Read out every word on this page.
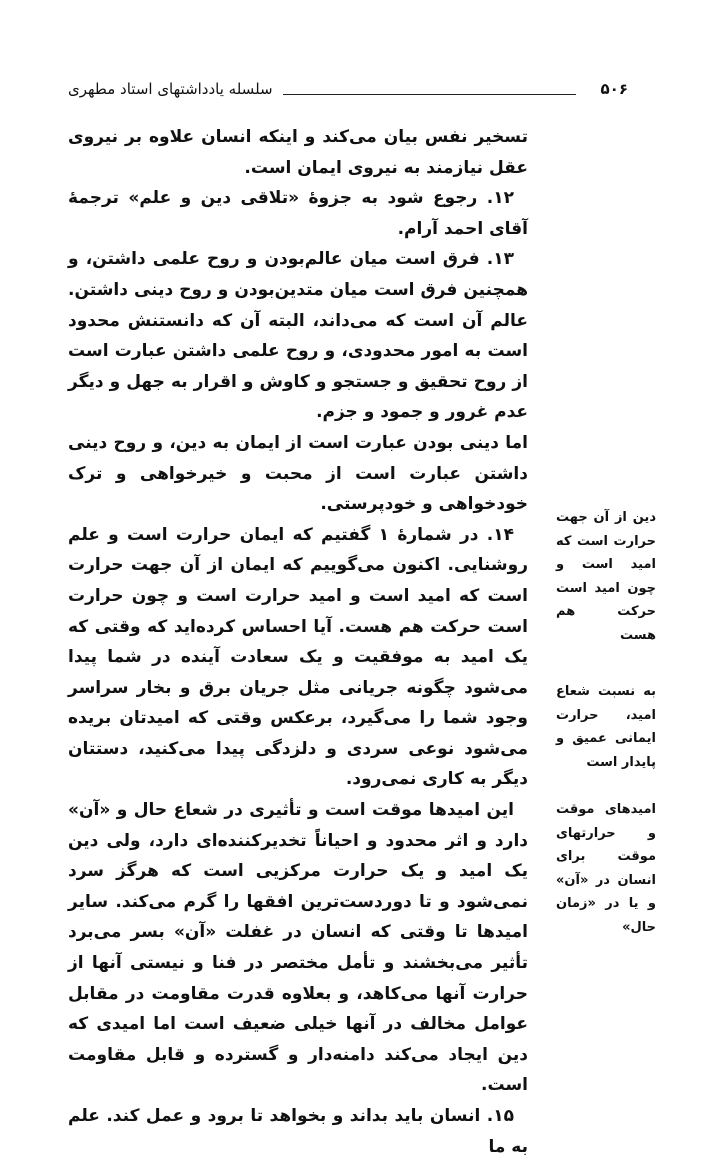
۵۰۶
سلسله یادداشتهای استاد مطهری

تسخیر نفس بیان می‌کند و اینکه انسان علاوه بر نیروی عقل نیازمند به نیروی ایمان است.

۱۲. رجوع شود به جزوهٔ «تلاقی دین و علم» ترجمهٔ آقای احمد آرام.

۱۳. فرق است میان عالم‌بودن و روح علمی داشتن، و همچنین فرق است میان متدین‌بودن و روح دینی داشتن. عالم آن است که می‌داند، البته آن که دانستنش محدود است به امور محدودی، و روح علمی داشتن عبارت است از روح تحقیق و جستجو و کاوش و اقرار به جهل و دیگر عدم غرور و جمود و جزم.

اما دینی بودن عبارت است از ایمان به دین، و روح دینی داشتن عبارت است از محبت و خیرخواهی و ترک خودخواهی و خودپرستی.

۱۴. در شمارهٔ ۱ گفتیم که ایمان حرارت است و علم روشنایی. اکنون می‌گوییم که ایمان از آن جهت حرارت است که امید است و امید حرارت است و چون حرارت است حرکت هم هست. آیا احساس کرده‌اید که وقتی که یک امید به موفقیت و یک سعادت آینده در شما پیدا می‌شود چگونه جریانی مثل جریان برق و بخار سراسر وجود شما را می‌گیرد، برعکس وقتی که امیدتان بریده می‌شود نوعی سردی و دلزدگی پیدا می‌کنید، دستتان دیگر به کاری نمی‌رود.

این امیدها موقت است و تأثیری در شعاع حال و «آن» دارد و اثر محدود و احیاناً تخدیرکننده‌ای دارد، ولی دین یک امید و یک حرارت مرکزیی است که هرگز سرد نمی‌شود و تا دوردست‌ترین افقها را گرم می‌کند. سایر امیدها تا وقتی که انسان در غفلت «آن» بسر می‌برد تأثیر می‌بخشند و تأمل مختصر در فنا و نیستی آنها از حرارت آنها می‌کاهد، و بعلاوه قدرت مقاومت در مقابل عوامل مخالف در آنها خیلی ضعیف است اما امیدی که دین ایجاد می‌کند دامنه‌دار و گسترده و قابل مقاومت است.

۱۵. انسان باید بداند و بخواهد تا برود و عمل کند. علم به ما

دین از آن جهت حرارت است که امید است و چون امید است حرکت هم هست

به نسبت شعاع امید، حرارت ایمانی عمیق و پایدار است

امیدهای موقت و حرارتهای موقت برای انسان در «آن» و یا در «زمان حال»
